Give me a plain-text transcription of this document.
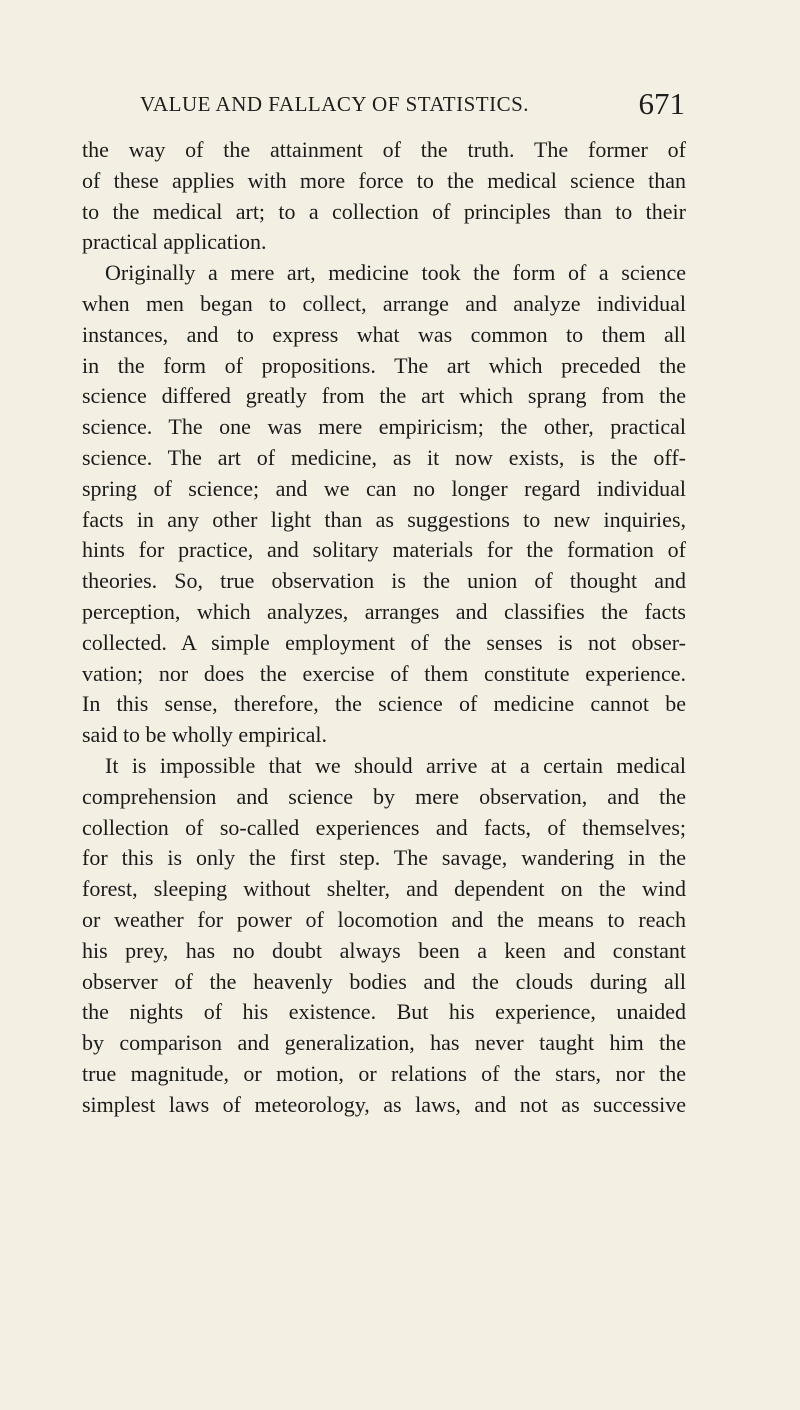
VALUE AND FALLACY OF STATISTICS.	671
the way of the attainment of the truth. The former of
of these applies with more force to the medical science than
to the medical art; to a collection of principles than to their
practical application.
Originally a mere art, medicine took the form of a science
when men began to collect, arrange and analyze individual
instances, and to express what was common to them all
in the form of propositions. The art which preceded the
science differed greatly from the art which sprang from the
science. The one was mere empiricism; the other, practical
science. The art of medicine, as it now exists, is the off-
spring of science; and we can no longer regard individual
facts in any other light than as suggestions to new inquiries,
hints for practice, and solitary materials for the formation of
theories. So, true observation is the union of thought and
perception, which analyzes, arranges and classifies the facts
collected. A simple employment of the senses is not obser-
vation; nor does the exercise of them constitute experience.
In this sense, therefore, the science of medicine cannot be
said to be wholly empirical.
It is impossible that we should arrive at a certain medical
comprehension and science by mere observation, and the
collection of so-called experiences and facts, of themselves;
for this is only the first step. The savage, wandering in the
forest, sleeping without shelter, and dependent on the wind
or weather for power of locomotion and the means to reach
his prey, has no doubt always been a keen and constant
observer of the heavenly bodies and the clouds during all
the nights of his existence. But his experience, unaided
by comparison and generalization, has never taught him the
true magnitude, or motion, or relations of the stars, nor the
simplest laws of meteorology, as laws, and not as successive
